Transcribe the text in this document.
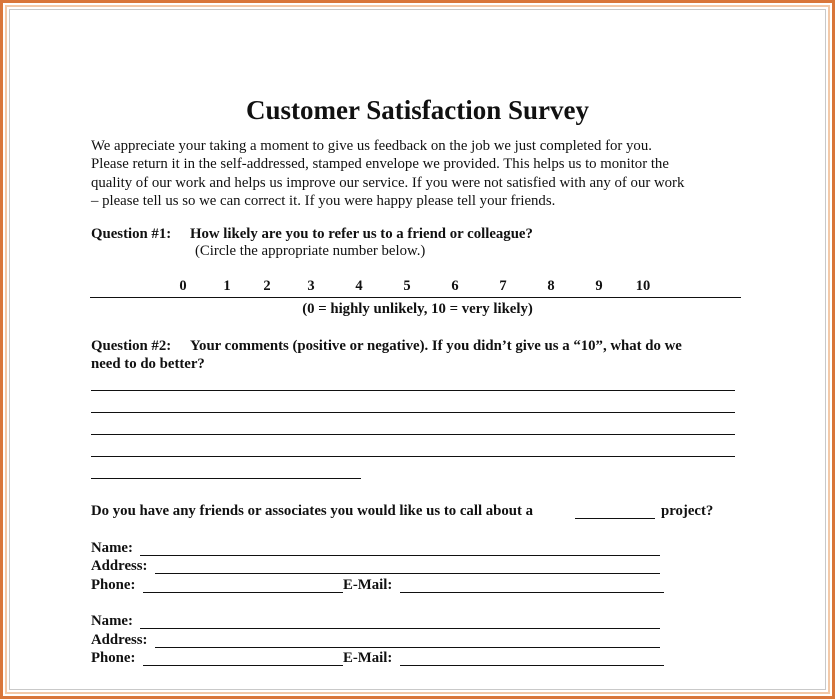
Customer Satisfaction Survey
We appreciate your taking a moment to give us feedback on the job we just completed for you.
Please return it in the self-addressed, stamped envelope we provided. This helps us to monitor the
quality of our work and helps us improve our service. If you were not satisfied with any of our work
– please tell us so we can correct it. If you were happy please tell your friends.
Question #1: How likely are you to refer us to a friend or colleague?
(Circle the appropriate number below.)
0	1	2	3	4	5	6	7	8	9	10
(0 = highly unlikely, 10 = very likely)
Question #2: Your comments (positive or negative). If you didn’t give us a “10”, what do we
need to do better?
Do you have any friends or associates you would like us to call about a	project?
Name:
Address:
Phone:	E-Mail:
Name:
Address:
Phone:	E-Mail:
